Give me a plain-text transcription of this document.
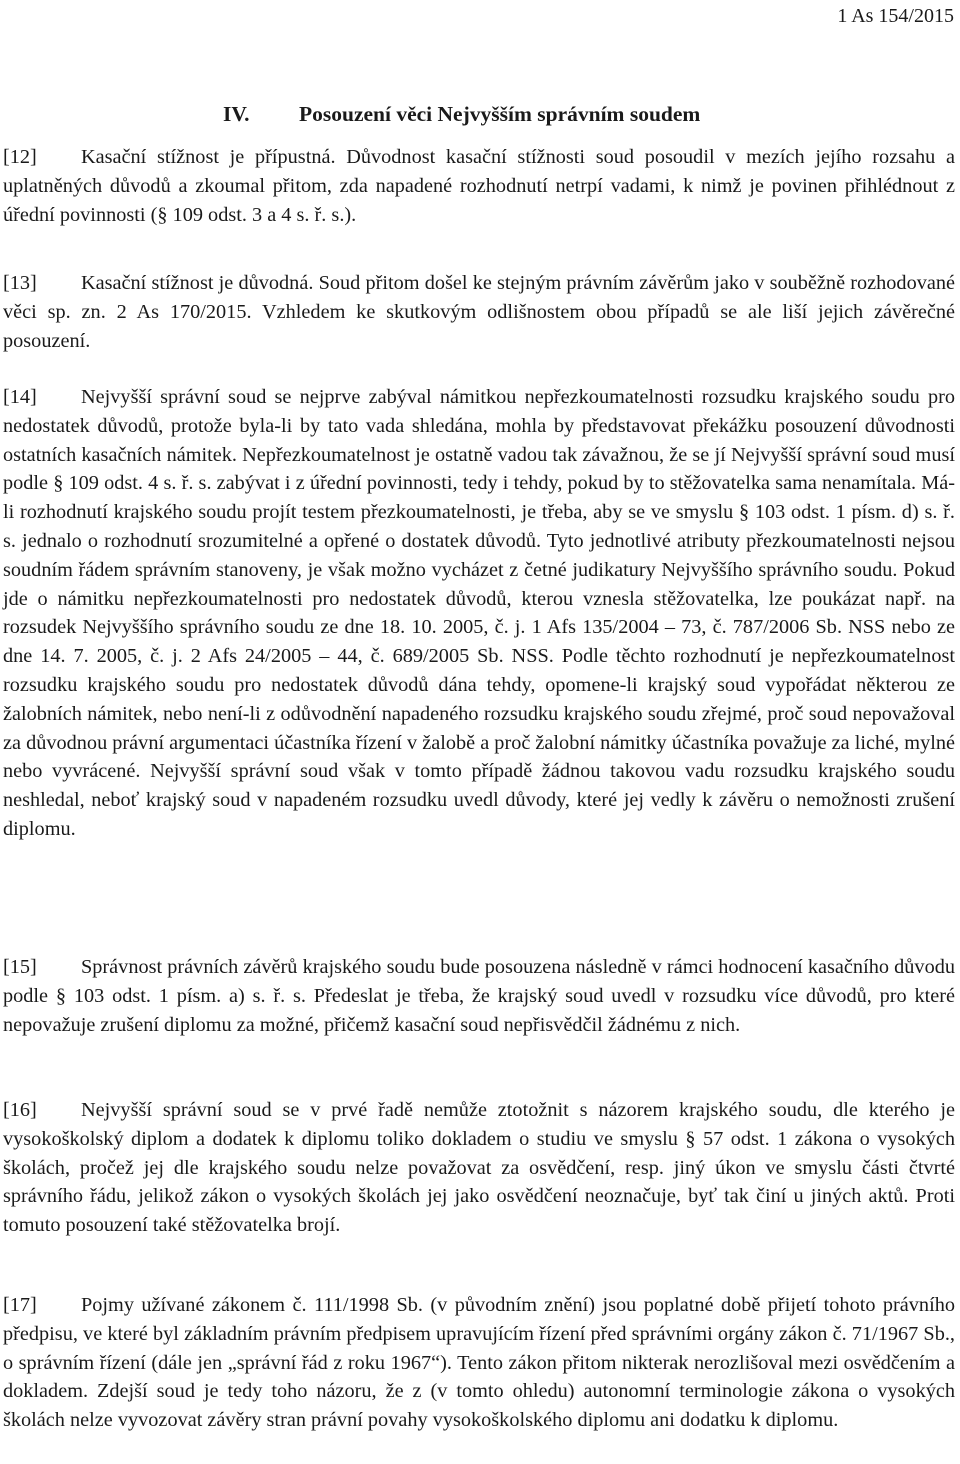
1 As 154/2015
IV. Posouzení věci Nejvyšším správním soudem

[12] Kasační stížnost je přípustná. Důvodnost kasační stížnosti soud posoudil v mezích jejího rozsahu a uplatněných důvodů a zkoumal přitom, zda napadené rozhodnutí netrpí vadami, k nimž je povinen přihlédnout z úřední povinnosti (§ 109 odst. 3 a 4 s. ř. s.).

[13] Kasační stížnost je důvodná. Soud přitom došel ke stejným právním závěrům jako v souběžně rozhodované věci sp. zn. 2 As 170/2015. Vzhledem ke skutkovým odlišnostem obou případů se ale liší jejich závěrečné posouzení.

[14] Nejvyšší správní soud se nejprve zabýval námitkou nepřezkoumatelnosti rozsudku krajského soudu pro nedostatek důvodů, protože byla-li by tato vada shledána, mohla by představovat překážku posouzení důvodnosti ostatních kasačních námitek. Nepřezkoumatelnost je ostatně vadou tak závažnou, že se jí Nejvyšší správní soud musí podle § 109 odst. 4 s. ř. s. zabývat i z úřední povinnosti, tedy i tehdy, pokud by to stěžovatelka sama nenamítala. Má-li rozhodnutí krajského soudu projít testem přezkoumatelnosti, je třeba, aby se ve smyslu § 103 odst. 1 písm. d) s. ř. s. jednalo o rozhodnutí srozumitelné a opřené o dostatek důvodů. Tyto jednotlivé atributy přezkoumatelnosti nejsou soudním řádem správním stanoveny, je však možno vycházet z četné judikatury Nejvyššího správního soudu. Pokud jde o námitku nepřezkoumatelnosti pro nedostatek důvodů, kterou vznesla stěžovatelka, lze poukázat např. na rozsudek Nejvyššího správního soudu ze dne 18. 10. 2005, č. j. 1 Afs 135/2004 – 73, č. 787/2006 Sb. NSS nebo ze dne 14. 7. 2005, č. j. 2 Afs 24/2005 – 44, č. 689/2005 Sb. NSS. Podle těchto rozhodnutí je nepřezkoumatelnost rozsudku krajského soudu pro nedostatek důvodů dána tehdy, opomene-li krajský soud vypořádat některou ze žalobních námitek, nebo není-li z odůvodnění napadeného rozsudku krajského soudu zřejmé, proč soud nepovažoval za důvodnou právní argumentaci účastníka řízení v žalobě a proč žalobní námitky účastníka považuje za liché, mylné nebo vyvrácené. Nejvyšší správní soud však v tomto případě žádnou takovou vadu rozsudku krajského soudu neshledal, neboť krajský soud v napadeném rozsudku uvedl důvody, které jej vedly k závěru o nemožnosti zrušení diplomu.

[15] Správnost právních závěrů krajského soudu bude posouzena následně v rámci hodnocení kasačního důvodu podle § 103 odst. 1 písm. a) s. ř. s. Předeslat je třeba, že krajský soud uvedl v rozsudku více důvodů, pro které nepovažuje zrušení diplomu za možné, přičemž kasační soud nepřisvědčil žádnému z nich.

[16] Nejvyšší správní soud se v prvé řadě nemůže ztotožnit s názorem krajského soudu, dle kterého je vysokoškolský diplom a dodatek k diplomu toliko dokladem o studiu ve smyslu § 57 odst. 1 zákona o vysokých školách, pročež jej dle krajského soudu nelze považovat za osvědčení, resp. jiný úkon ve smyslu části čtvrté správního řádu, jelikož zákon o vysokých školách jej jako osvědčení neoznačuje, byť tak činí u jiných aktů. Proti tomuto posouzení také stěžovatelka brojí.

[17] Pojmy užívané zákonem č. 111/1998 Sb. (v původním znění) jsou poplatné době přijetí tohoto právního předpisu, ve které byl základním právním předpisem upravujícím řízení před správními orgány zákon č. 71/1967 Sb., o správním řízení (dále jen „správní řád z roku 1967“). Tento zákon přitom nikterak nerozlišoval mezi osvědčením a dokladem. Zdejší soud je tedy toho názoru, že z (v tomto ohledu) autonomní terminologie zákona o vysokých školách nelze vyvozovat závěry stran právní povahy vysokoškolského diplomu ani dodatku k diplomu.
